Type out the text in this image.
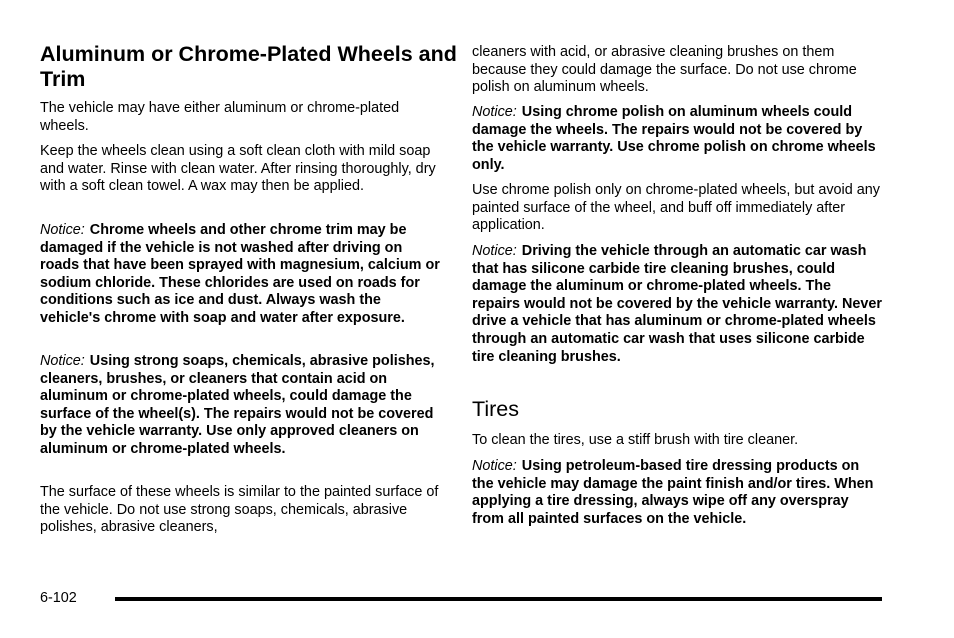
Aluminum or Chrome-Plated Wheels and Trim

The vehicle may have either aluminum or chrome-plated wheels.

Keep the wheels clean using a soft clean cloth with mild soap and water. Rinse with clean water. After rinsing thoroughly, dry with a soft clean towel. A wax may then be applied.

Notice: Chrome wheels and other chrome trim may be damaged if the vehicle is not washed after driving on roads that have been sprayed with magnesium, calcium or sodium chloride. These chlorides are used on roads for conditions such as ice and dust. Always wash the vehicle's chrome with soap and water after exposure.

Notice: Using strong soaps, chemicals, abrasive polishes, cleaners, brushes, or cleaners that contain acid on aluminum or chrome-plated wheels, could damage the surface of the wheel(s). The repairs would not be covered by the vehicle warranty. Use only approved cleaners on aluminum or chrome-plated wheels.

The surface of these wheels is similar to the painted surface of the vehicle. Do not use strong soaps, chemicals, abrasive polishes, abrasive cleaners,

cleaners with acid, or abrasive cleaning brushes on them because they could damage the surface. Do not use chrome polish on aluminum wheels.

Notice: Using chrome polish on aluminum wheels could damage the wheels. The repairs would not be covered by the vehicle warranty. Use chrome polish on chrome wheels only.

Use chrome polish only on chrome-plated wheels, but avoid any painted surface of the wheel, and buff off immediately after application.

Notice: Driving the vehicle through an automatic car wash that has silicone carbide tire cleaning brushes, could damage the aluminum or chrome-plated wheels. The repairs would not be covered by the vehicle warranty. Never drive a vehicle that has aluminum or chrome-plated wheels through an automatic car wash that uses silicone carbide tire cleaning brushes.

Tires

To clean the tires, use a stiff brush with tire cleaner.

Notice: Using petroleum-based tire dressing products on the vehicle may damage the paint finish and/or tires. When applying a tire dressing, always wipe off any overspray from all painted surfaces on the vehicle.

6-102
